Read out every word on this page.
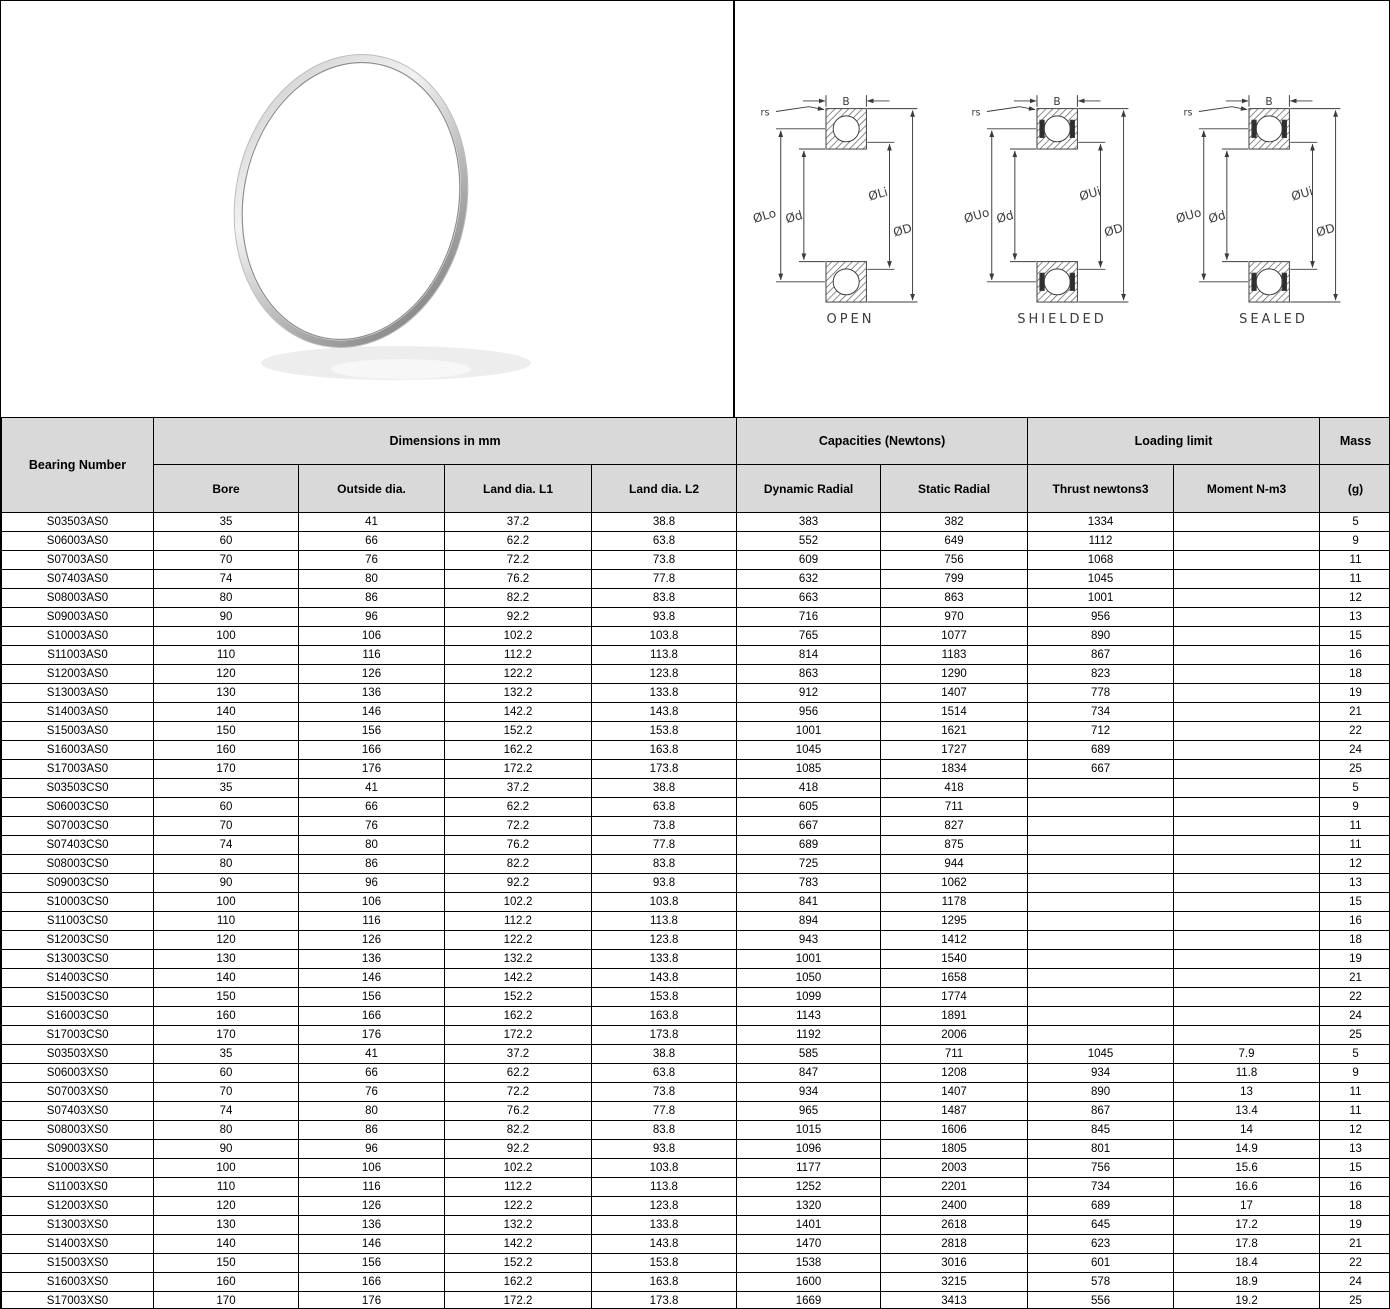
rs
B
ØLo Ød
ØLi
ØD
OPEN
rs
B
ØUo Ød
ØUi
ØD
SHIELDED
rs
B
ØUo Ød
ØUi
ØD
SEALED
Bearing Number	Dimensions in mm				Capacities (Newtons)		Loading limit		Mass
	Bore	Outside dia.	Land dia. L1	Land dia. L2	Dynamic Radial	Static Radial	Thrust newtons3	Moment N-m3	(g)
S03503AS0	35	41	37.2	38.8	383	382	1334		5
S06003AS0	60	66	62.2	63.8	552	649	1112		9
S07003AS0	70	76	72.2	73.8	609	756	1068		11
S07403AS0	74	80	76.2	77.8	632	799	1045		11
S08003AS0	80	86	82.2	83.8	663	863	1001		12
S09003AS0	90	96	92.2	93.8	716	970	956		13
S10003AS0	100	106	102.2	103.8	765	1077	890		15
S11003AS0	110	116	112.2	113.8	814	1183	867		16
S12003AS0	120	126	122.2	123.8	863	1290	823		18
S13003AS0	130	136	132.2	133.8	912	1407	778		19
S14003AS0	140	146	142.2	143.8	956	1514	734		21
S15003AS0	150	156	152.2	153.8	1001	1621	712		22
S16003AS0	160	166	162.2	163.8	1045	1727	689		24
S17003AS0	170	176	172.2	173.8	1085	1834	667		25
S03503CS0	35	41	37.2	38.8	418	418			5
S06003CS0	60	66	62.2	63.8	605	711			9
S07003CS0	70	76	72.2	73.8	667	827			11
S07403CS0	74	80	76.2	77.8	689	875			11
S08003CS0	80	86	82.2	83.8	725	944			12
S09003CS0	90	96	92.2	93.8	783	1062			13
S10003CS0	100	106	102.2	103.8	841	1178			15
S11003CS0	110	116	112.2	113.8	894	1295			16
S12003CS0	120	126	122.2	123.8	943	1412			18
S13003CS0	130	136	132.2	133.8	1001	1540			19
S14003CS0	140	146	142.2	143.8	1050	1658			21
S15003CS0	150	156	152.2	153.8	1099	1774			22
S16003CS0	160	166	162.2	163.8	1143	1891			24
S17003CS0	170	176	172.2	173.8	1192	2006			25
S03503XS0	35	41	37.2	38.8	585	711	1045	7.9	5
S06003XS0	60	66	62.2	63.8	847	1208	934	11.8	9
S07003XS0	70	76	72.2	73.8	934	1407	890	13	11
S07403XS0	74	80	76.2	77.8	965	1487	867	13.4	11
S08003XS0	80	86	82.2	83.8	1015	1606	845	14	12
S09003XS0	90	96	92.2	93.8	1096	1805	801	14.9	13
S10003XS0	100	106	102.2	103.8	1177	2003	756	15.6	15
S11003XS0	110	116	112.2	113.8	1252	2201	734	16.6	16
S12003XS0	120	126	122.2	123.8	1320	2400	689	17	18
S13003XS0	130	136	132.2	133.8	1401	2618	645	17.2	19
S14003XS0	140	146	142.2	143.8	1470	2818	623	17.8	21
S15003XS0	150	156	152.2	153.8	1538	3016	601	18.4	22
S16003XS0	160	166	162.2	163.8	1600	3215	578	18.9	24
S17003XS0	170	176	172.2	173.8	1669	3413	556	19.2	25
